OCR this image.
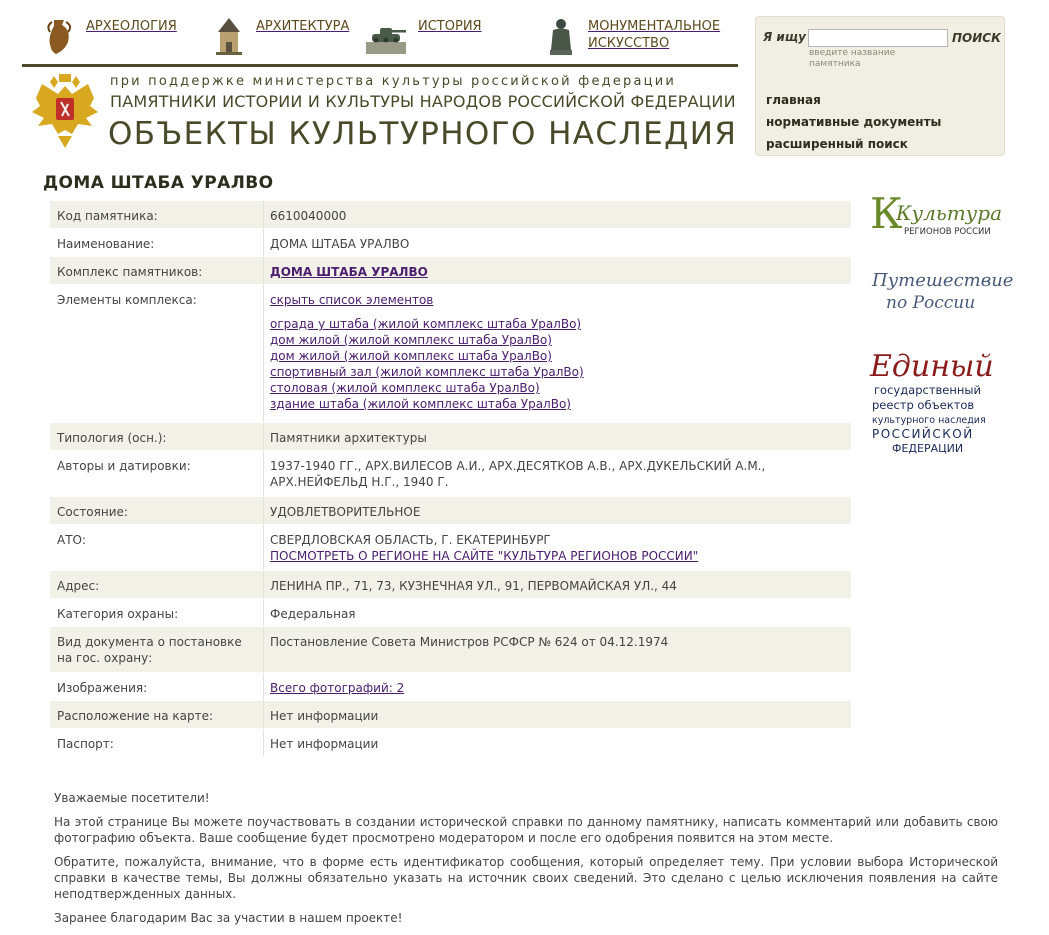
АРХЕОЛОГИЯ	АРХИТЕКТУРА	ИСТОРИЯ	МОНУМЕНТАЛЬНОЕ ИСКУССТВО
при поддержке министерства культуры российской федерации
ПАМЯТНИКИ ИСТОРИИ И КУЛЬТУРЫ НАРОДОВ РОССИЙСКОЙ ФЕДЕРАЦИИ
ОБЪЕКТЫ КУЛЬТУРНОГО НАСЛЕДИЯ
Я ищу	ПОИСК
введите название памятника
главная
нормативные документы
расширенный поиск
ДОМА ШТАБА УРАЛВО
Код памятника:	6610040000
Наименование:	ДОМА ШТАБА УРАЛВО
Комплекс памятников:	ДОМА ШТАБА УРАЛВО
Элементы комплекса:	скрыть список элементов
ограда у штаба (жилой комплекс штаба УралВо)
дом жилой (жилой комплекс штаба УралВо)
дом жилой (жилой комплекс штаба УралВо)
спортивный зал (жилой комплекс штаба УралВо)
столовая (жилой комплекс штаба УралВо)
здание штаба (жилой комплекс штаба УралВо)
Типология (осн.):	Памятники архитектуры
Авторы и датировки:	1937-1940 ГГ., АРХ.ВИЛЕСОВ А.И., АРХ.ДЕСЯТКОВ А.В., АРХ.ДУКЕЛЬСКИЙ А.М., АРХ.НЕЙФЕЛЬД Н.Г., 1940 Г.
Состояние:	УДОВЛЕТВОРИТЕЛЬНОЕ
АТО:	СВЕРДЛОВСКАЯ ОБЛАСТЬ, Г. ЕКАТЕРИНБУРГ
ПОСМОТРЕТЬ О РЕГИОНЕ НА САЙТЕ "КУЛЬТУРА РЕГИОНОВ РОССИИ"
Адрес:	ЛЕНИНА ПР., 71, 73, КУЗНЕЧНАЯ УЛ., 91, ПЕРВОМАЙСКАЯ УЛ., 44
Категория охраны:	Федеральная
Вид документа о постановке на гос. охрану:
Постановление Совета Министров РСФСР № 624 от 04.12.1974
Изображения:	Всего фотографий: 2
Расположение на карте:	Нет информации
Паспорт:	Нет информации
К
Культура
РЕГИОНОВ РОССИИ
Путешествие
по России
Единый
государственный
реестр объектов
культурного наследия
РОССИЙСКОЙ
ФЕДЕРАЦИИ

Уважаемые посетители!

На этой странице Вы можете поучаствовать в создании исторической справки по данному памятнику, написать комментарий или добавить свою фотографию объекта. Ваше сообщение будет просмотрено модератором и после его одобрения появится на этом месте.

Обратите, пожалуйста, внимание, что в форме есть идентификатор сообщения, который определяет тему. При условии выбора Исторической справки в качестве темы, Вы должны обязательно указать на источник своих сведений. Это сделано с целью исключения появления на сайте неподтвержденных данных.

Заранее благодарим Вас за участии в нашем проекте!
